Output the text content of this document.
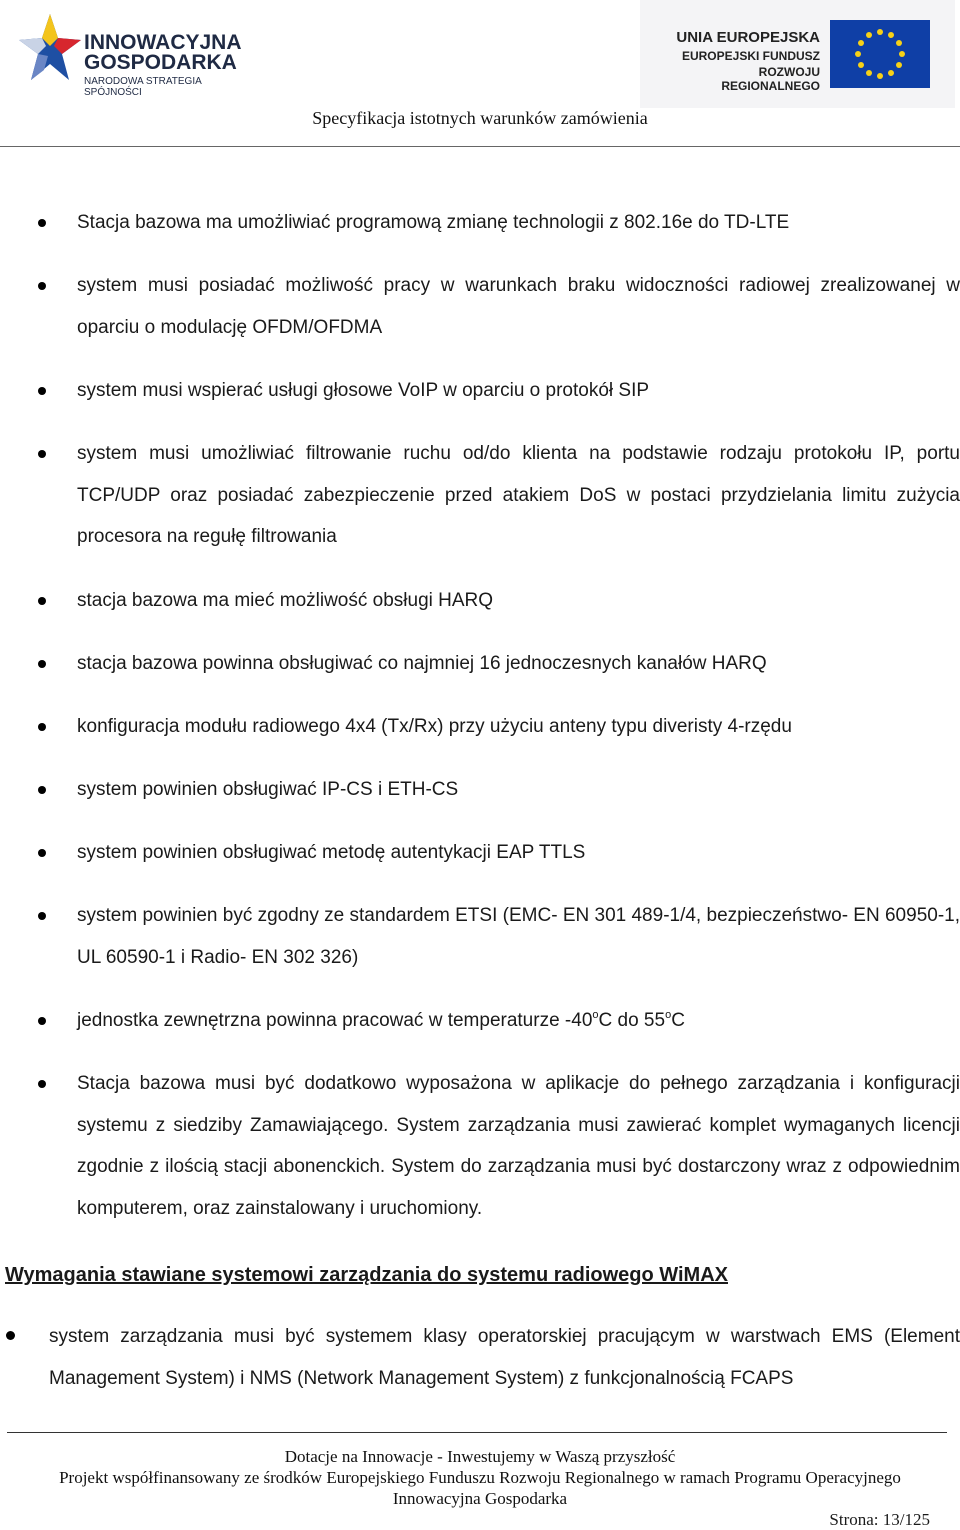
INNOWACYJNA
GOSPODARKA
NARODOWA STRATEGIA SPÓJNOŚCI
UNIA EUROPEJSKA
EUROPEJSKI FUNDUSZ
ROZWOJU REGIONALNEGO
Specyfikacja istotnych warunków zamówienia
Stacja bazowa ma umożliwiać programową zmianę technologii z 802.16e do TD-LTE
system musi posiadać możliwość pracy w warunkach braku widoczności radiowej zrealizowanej w oparciu o modulację OFDM/OFDMA
system musi wspierać usługi głosowe VoIP w oparciu o protokół SIP
system musi umożliwiać filtrowanie ruchu od/do klienta na podstawie rodzaju protokołu IP, portu TCP/UDP oraz posiadać zabezpieczenie przed atakiem DoS w postaci przydzielania limitu zużycia procesora na regułę filtrowania
stacja bazowa ma mieć możliwość obsługi HARQ
stacja bazowa powinna obsługiwać co najmniej 16 jednoczesnych kanałów HARQ
konfiguracja modułu radiowego 4x4 (Tx/Rx) przy użyciu anteny typu diveristy 4-rzędu
system powinien obsługiwać IP-CS i ETH-CS
system powinien obsługiwać metodę autentykacji EAP TTLS
system powinien być zgodny ze standardem ETSI (EMC- EN 301 489-1/4, bezpieczeństwo- EN 60950-1, UL 60590-1 i Radio- EN 302 326)
jednostka zewnętrzna powinna pracować w temperaturze -40$^o$C do 55$^o$C
Stacja bazowa musi być dodatkowo wyposażona w aplikacje do pełnego zarządzania i konfiguracji systemu z siedziby Zamawiającego. System zarządzania musi zawierać komplet wymaganych licencji zgodnie z ilością stacji abonenckich. System do zarządzania musi być dostarczony wraz z odpowiednim komputerem, oraz zainstalowany i uruchomiony.
Wymagania stawiane systemowi zarządzania do systemu radiowego WiMAX
system zarządzania musi być systemem klasy operatorskiej pracującym w warstwach EMS (Element Management System) i NMS (Network Management System) z funkcjonalnością FCAPS
Dotacje na Innowacje - Inwestujemy w Waszą przyszłość
Projekt współfinansowany ze środków Europejskiego Funduszu Rozwoju Regionalnego w ramach Programu Operacyjnego
Innowacyjna Gospodarka
Strona: 13/125
